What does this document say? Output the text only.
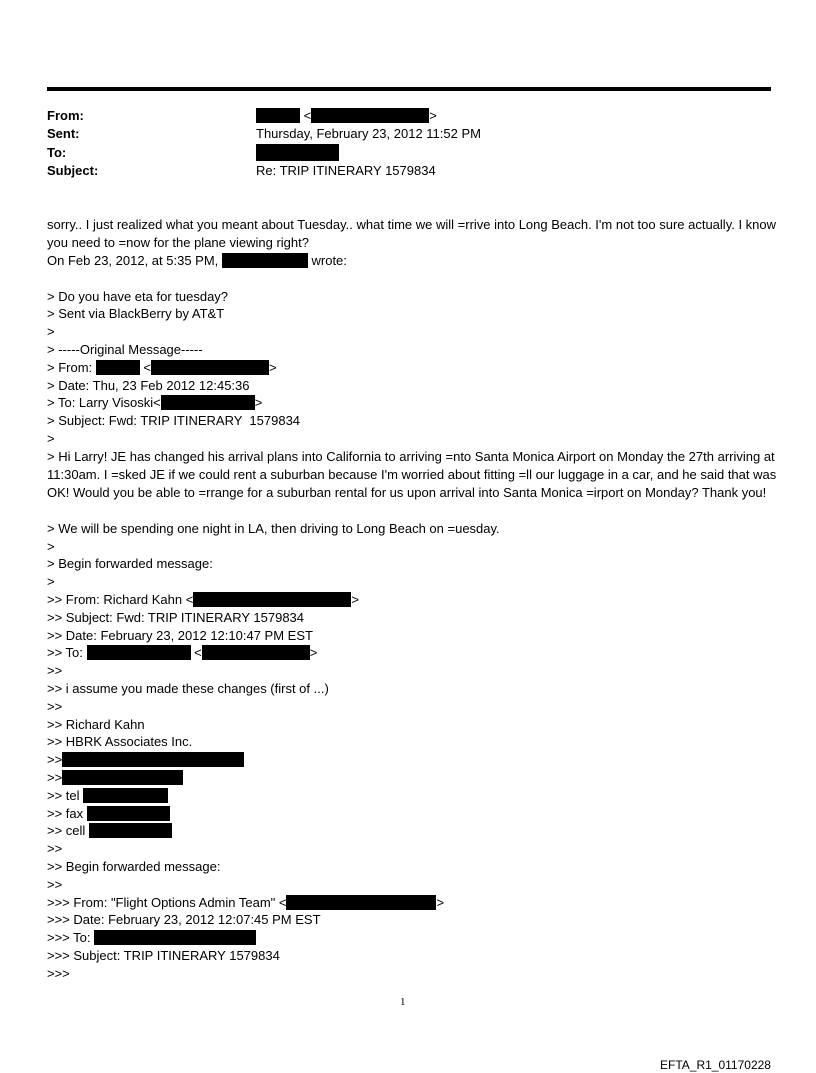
From:	<	>
Sent:	Thursday, February 23, 2012 11:52 PM
To:
Subject:	Re: TRIP ITINERARY 1579834
sorry.. I just realized what you meant about Tuesday.. what time we will =rrive into Long Beach. I'm not too sure actually. I know you need to =now for the plane viewing right?
On Feb 23, 2012, at 5:35 PM,	wrote:

> Do you have eta for tuesday?
> Sent via BlackBerry by AT&T
>
> -----Original Message-----
> From:	<	>
> Date: Thu, 23 Feb 2012 12:45:36
> To: Larry Visoski<	>
> Subject: Fwd: TRIP ITINERARY  1579834
>
> Hi Larry! JE has changed his arrival plans into California to arriving =nto Santa Monica Airport on Monday the 27th arriving at 11:30am. I =sked JE if we could rent a suburban because I'm worried about fitting =ll our luggage in a car, and he said that was OK! Would you be able to =rrange for a suburban rental for us upon arrival into Santa Monica =irport on Monday? Thank you!
> We will be spending one night in LA, then driving to Long Beach on =uesday.
>
> Begin forwarded message:
>
>> From: Richard Kahn <	>
>> Subject: Fwd: TRIP ITINERARY 1579834
>> Date: February 23, 2012 12:10:47 PM EST
>> To:	<	>
>>
>> i assume you made these changes (first of ...)
>>
>> Richard Kahn
>> HBRK Associates Inc.
>>
>>
>> tel
>> fax
>> cell
>>
>> Begin forwarded message:
>>
>>> From: "Flight Options Admin Team" <	>
>>> Date: February 23, 2012 12:07:45 PM EST
>>> To:
>>> Subject: TRIP ITINERARY 1579834
>>>
1
EFTA_R1_01170228
